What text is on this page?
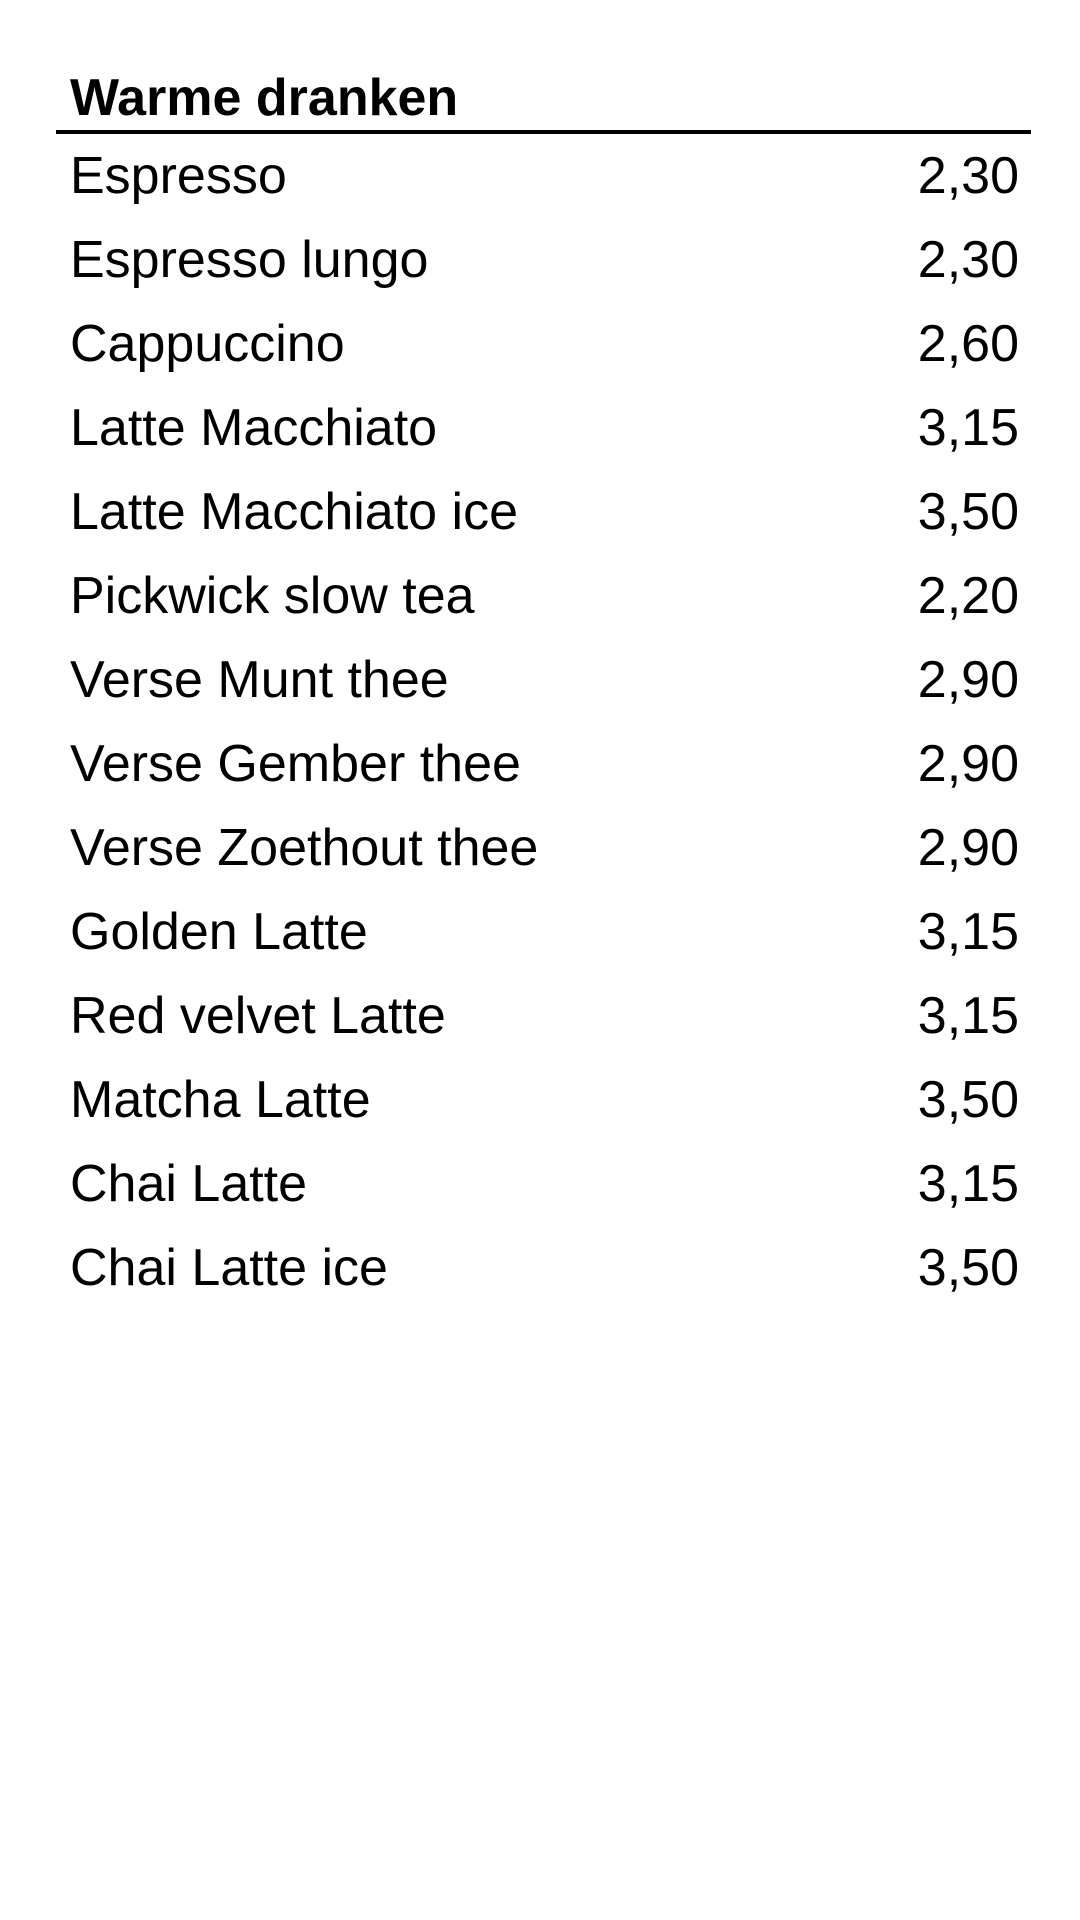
Warme dranken
Espresso	2,30
Espresso lungo	2,30
Cappuccino	2,60
Latte Macchiato	3,15
Latte Macchiato ice	3,50
Pickwick slow tea	2,20
Verse Munt thee	2,90
Verse Gember thee	2,90
Verse Zoethout thee	2,90
Golden Latte	3,15
Red velvet Latte	3,15
Matcha Latte	3,50
Chai Latte	3,15
Chai Latte ice	3,50
